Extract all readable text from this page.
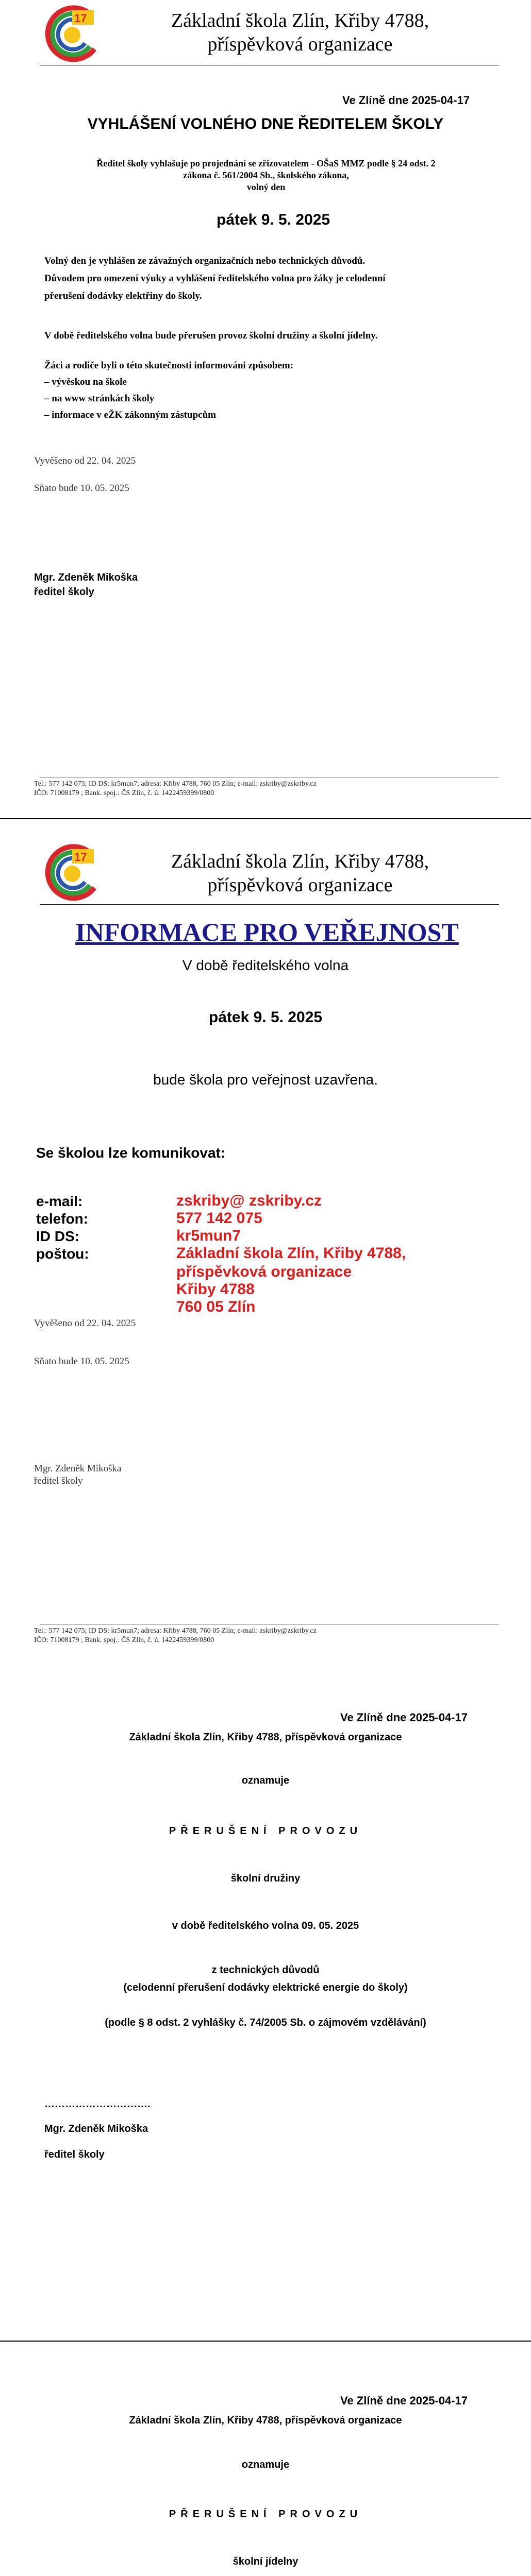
17	Základní škola Zlín, Křiby 4788,

příspěvková organizace

Ve Zlíně dne 2025-04-17

VYHLÁŠENÍ VOLNÉHO DNE ŘEDITELEM ŠKOLY

Ředitel školy vyhlašuje po projednání se zřizovatelem - OŠaS MMZ podle § 24 odst. 2

zákona č. 561/2004 Sb., školského zákona,

volný den

pátek 9. 5. 2025

Volný den je vyhlášen ze závažných organizačních nebo technických důvodů.

Důvodem pro omezení výuky a vyhlášení ředitelského volna pro žáky je celodenní

přerušení dodávky elektřiny do školy.

V době ředitelského volna bude přerušen provoz školní družiny a školní jídelny.

Žáci a rodiče byli o této skutečnosti informováni způsobem:

– vývěskou na škole

– na www stránkách školy

– informace v eŽK zákonným zástupcům

Vyvěšeno od 22. 04. 2025

Sňato bude 10. 05. 2025

Mgr. Zdeněk Mikoška

ředitel školy

Tel.: 577 142 075; ID DS: kr5mun7; adresa: Křiby 4788, 760 05 Zlín; e-mail: zskriby@zskriby.cz

IČO: 71008179 ; Bank. spoj.: ČS Zlín, č. ú. 1422459399/0800

17	Základní škola Zlín, Křiby 4788,

příspěvková organizace

INFORMACE PRO VEŘEJNOST

V době ředitelského volna

pátek 9. 5. 2025

bude škola pro veřejnost uzavřena.

Se školou lze komunikovat:

e-mail:	zskriby@ zskriby.cz

telefon:	577 142 075

ID DS:	kr5mun7

poštou:	Základní škola Zlín, Křiby 4788,

příspěvková organizace

Křiby 4788

760 05 Zlín

Vyvěšeno od 22. 04. 2025

Sňato bude 10. 05. 2025

Mgr. Zdeněk Mikoška

ředitel školy

Tel.: 577 142 075; ID DS: kr5mun7; adresa: Křiby 4788, 760 05 Zlín; e-mail: zskriby@zskriby.cz

IČO: 71008179 ; Bank. spoj.: ČS Zlín, č. ú. 1422459399/0800

Ve Zlíně dne 2025-04-17

Základní škola Zlín, Křiby 4788, příspěvková organizace

oznamuje

PŘERUŠENÍ PROVOZU

školní družiny

v době ředitelského volna 09. 05. 2025

z technických důvodů

(celodenní přerušení dodávky elektrické energie do školy)

(podle § 8 odst. 2 vyhlášky č. 74/2005 Sb. o zájmovém vzdělávání)

………………………….

Mgr. Zdeněk Mikoška

ředitel školy

Ve Zlíně dne 2025-04-17

Základní škola Zlín, Křiby 4788, příspěvková organizace

oznamuje

PŘERUŠENÍ PROVOZU

školní jídelny
